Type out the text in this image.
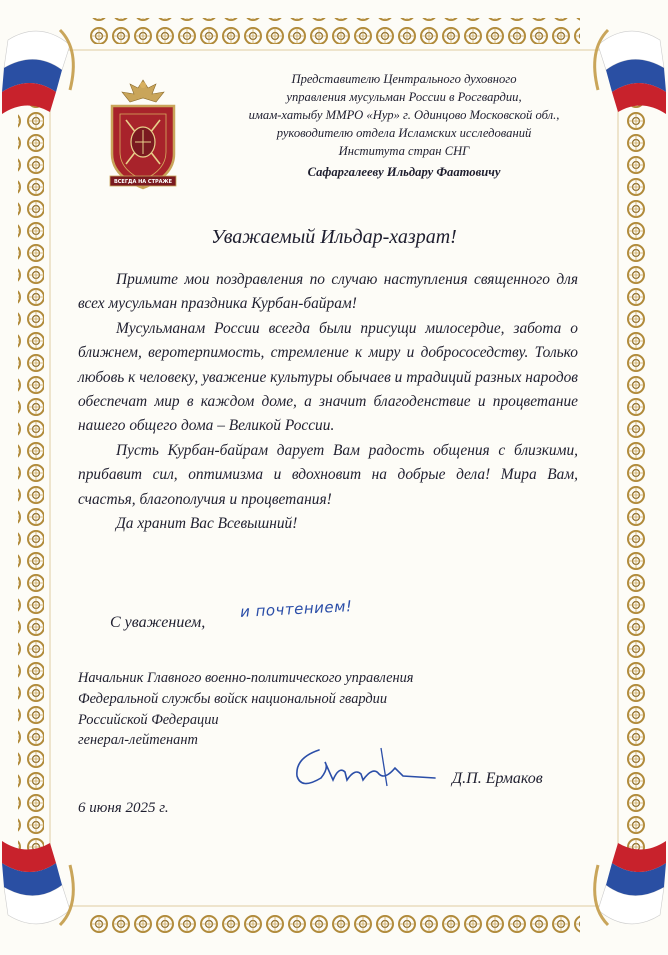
ВСЕГДА НА СТРАЖЕ
Представителю Центрального духовного
управления мусульман России в Росгвардии,
имам-хатыбу ММРО «Нур» г. Одинцово Московской обл.,
руководителю отдела Исламских исследований
Института стран СНГ
Сафаргалееву Ильдару Фаатовичу
Уважаемый Ильдар-хазрат!

Примите мои поздравления по случаю наступления священного для всех мусульман праздника Курбан-байрам!

Мусульманам России всегда были присущи милосердие, забота о ближнем, веротерпимость, стремление к миру и добрососедству. Только любовь к человеку, уважение культуры обычаев и традиций разных народов обеспечат мир в каждом доме, а значит благоденствие и процветание нашего общего дома – Великой России.

Пусть Курбан-байрам дарует Вам радость общения с близкими, прибавит сил, оптимизма и вдохновит на добрые дела! Мира Вам, счастья, благополучия и процветания!

Да хранит Вас Всевышний!

С уважением,
и почтением!
Начальник Главного военно-политического управления
Федеральной службы войск национальной гвардии
Российской Федерации
генерал-лейтенант
Д.П. Ермаков
6 июня 2025 г.
